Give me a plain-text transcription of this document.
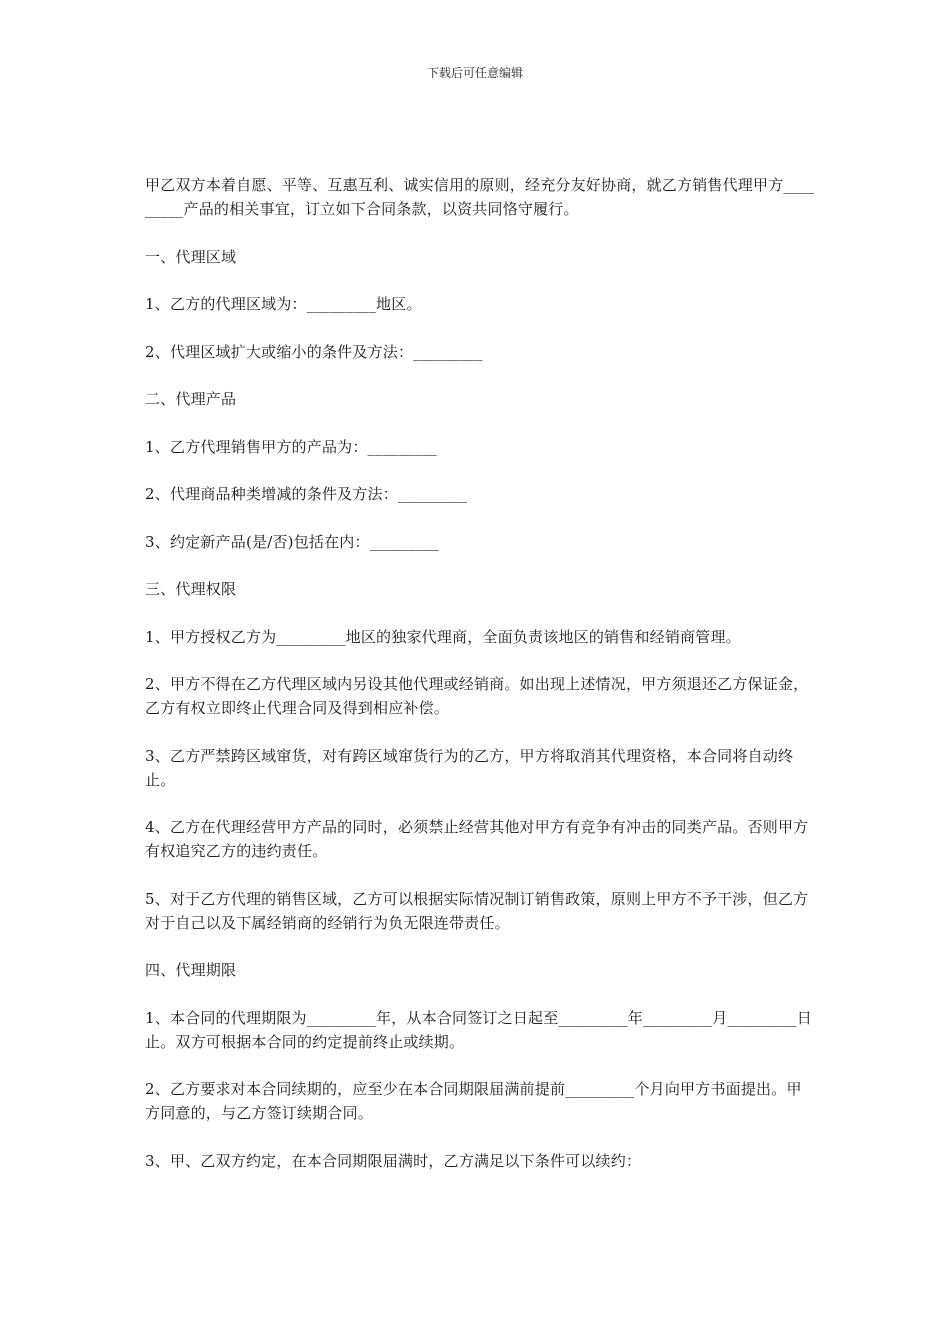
下载后可任意编辑

甲乙双方本着自愿、平等、互惠互利、诚实信用的原则，经充分友好协商，就乙方销售代理甲方_________产品的相关事宜，订立如下合同条款，以资共同恪守履行。

一、代理区域

1、乙方的代理区域为：_________地区。

2、代理区域扩大或缩小的条件及方法：_________

二、代理产品

1、乙方代理销售甲方的产品为：_________

2、代理商品种类增减的条件及方法：_________

3、约定新产品(是/否)包括在内：_________

三、代理权限

1、甲方授权乙方为_________地区的独家代理商，全面负责该地区的销售和经销商管理。

2、甲方不得在乙方代理区域内另设其他代理或经销商。如出现上述情况，甲方须退还乙方保证金，乙方有权立即终止代理合同及得到相应补偿。

3、乙方严禁跨区域窜货，对有跨区域窜货行为的乙方，甲方将取消其代理资格，本合同将自动终止。

4、乙方在代理经营甲方产品的同时，必须禁止经营其他对甲方有竞争有冲击的同类产品。否则甲方有权追究乙方的违约责任。

5、对于乙方代理的销售区域，乙方可以根据实际情况制订销售政策，原则上甲方不予干涉，但乙方对于自己以及下属经销商的经销行为负无限连带责任。

四、代理期限

1、本合同的代理期限为_________年，从本合同签订之日起至_________年_________月_________日止。双方可根据本合同的约定提前终止或续期。

2、乙方要求对本合同续期的，应至少在本合同期限届满前提前_________个月向甲方书面提出。甲方同意的，与乙方签订续期合同。

3、甲、乙双方约定，在本合同期限届满时，乙方满足以下条件可以续约：
